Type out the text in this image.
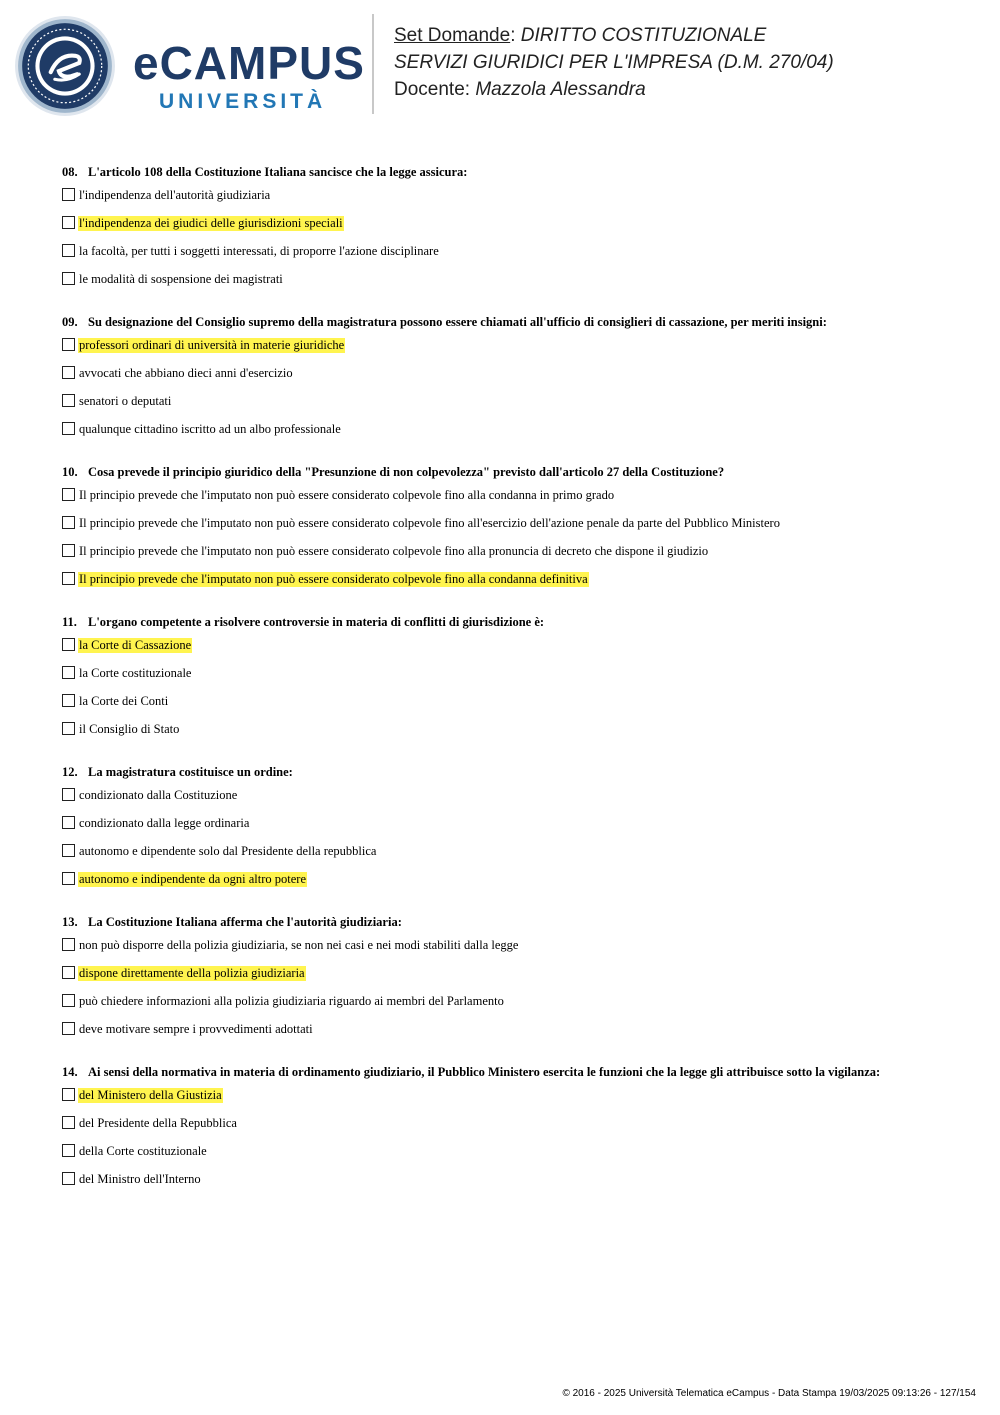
eCAMPUS
UNIVERSITÀ
Set Domande: DIRITTO COSTITUZIONALE
SERVIZI GIURIDICI PER L'IMPRESA (D.M. 270/04)
Docente: Mazzola Alessandra
08. L'articolo 108 della Costituzione Italiana sancisce che la legge assicura:
l'indipendenza dell'autorità giudiziaria
l'indipendenza dei giudici delle giurisdizioni speciali
la facoltà, per tutti i soggetti interessati, di proporre l'azione disciplinare
le modalità di sospensione dei magistrati
09. Su designazione del Consiglio supremo della magistratura possono essere chiamati all'ufficio di consiglieri di cassazione, per meriti insigni:
professori ordinari di università in materie giuridiche
avvocati che abbiano dieci anni d'esercizio
senatori o deputati
qualunque cittadino iscritto ad un albo professionale
10. Cosa prevede il principio giuridico della "Presunzione di non colpevolezza" previsto dall'articolo 27 della Costituzione?
Il principio prevede che l'imputato non può essere considerato colpevole fino alla condanna in primo grado
Il principio prevede che l'imputato non può essere considerato colpevole fino all'esercizio dell'azione penale da parte del Pubblico Ministero
Il principio prevede che l'imputato non può essere considerato colpevole fino alla pronuncia di decreto che dispone il giudizio
Il principio prevede che l'imputato non può essere considerato colpevole fino alla condanna definitiva
11. L'organo competente a risolvere controversie in materia di conflitti di giurisdizione è:
la Corte di Cassazione
la Corte costituzionale
la Corte dei Conti
il Consiglio di Stato
12. La magistratura costituisce un ordine:
condizionato dalla Costituzione
condizionato dalla legge ordinaria
autonomo e dipendente solo dal Presidente della repubblica
autonomo e indipendente da ogni altro potere
13. La Costituzione Italiana afferma che l'autorità giudiziaria:
non può disporre della polizia giudiziaria, se non nei casi e nei modi stabiliti dalla legge
dispone direttamente della polizia giudiziaria
può chiedere informazioni alla polizia giudiziaria riguardo ai membri del Parlamento
deve motivare sempre i provvedimenti adottati
14. Ai sensi della normativa in materia di ordinamento giudiziario, il Pubblico Ministero esercita le funzioni che la legge gli attribuisce sotto la vigilanza:
del Ministero della Giustizia
del Presidente della Repubblica
della Corte costituzionale
del Ministro dell'Interno
© 2016 - 2025 Università Telematica eCampus - Data Stampa 19/03/2025 09:13:26 - 127/154
